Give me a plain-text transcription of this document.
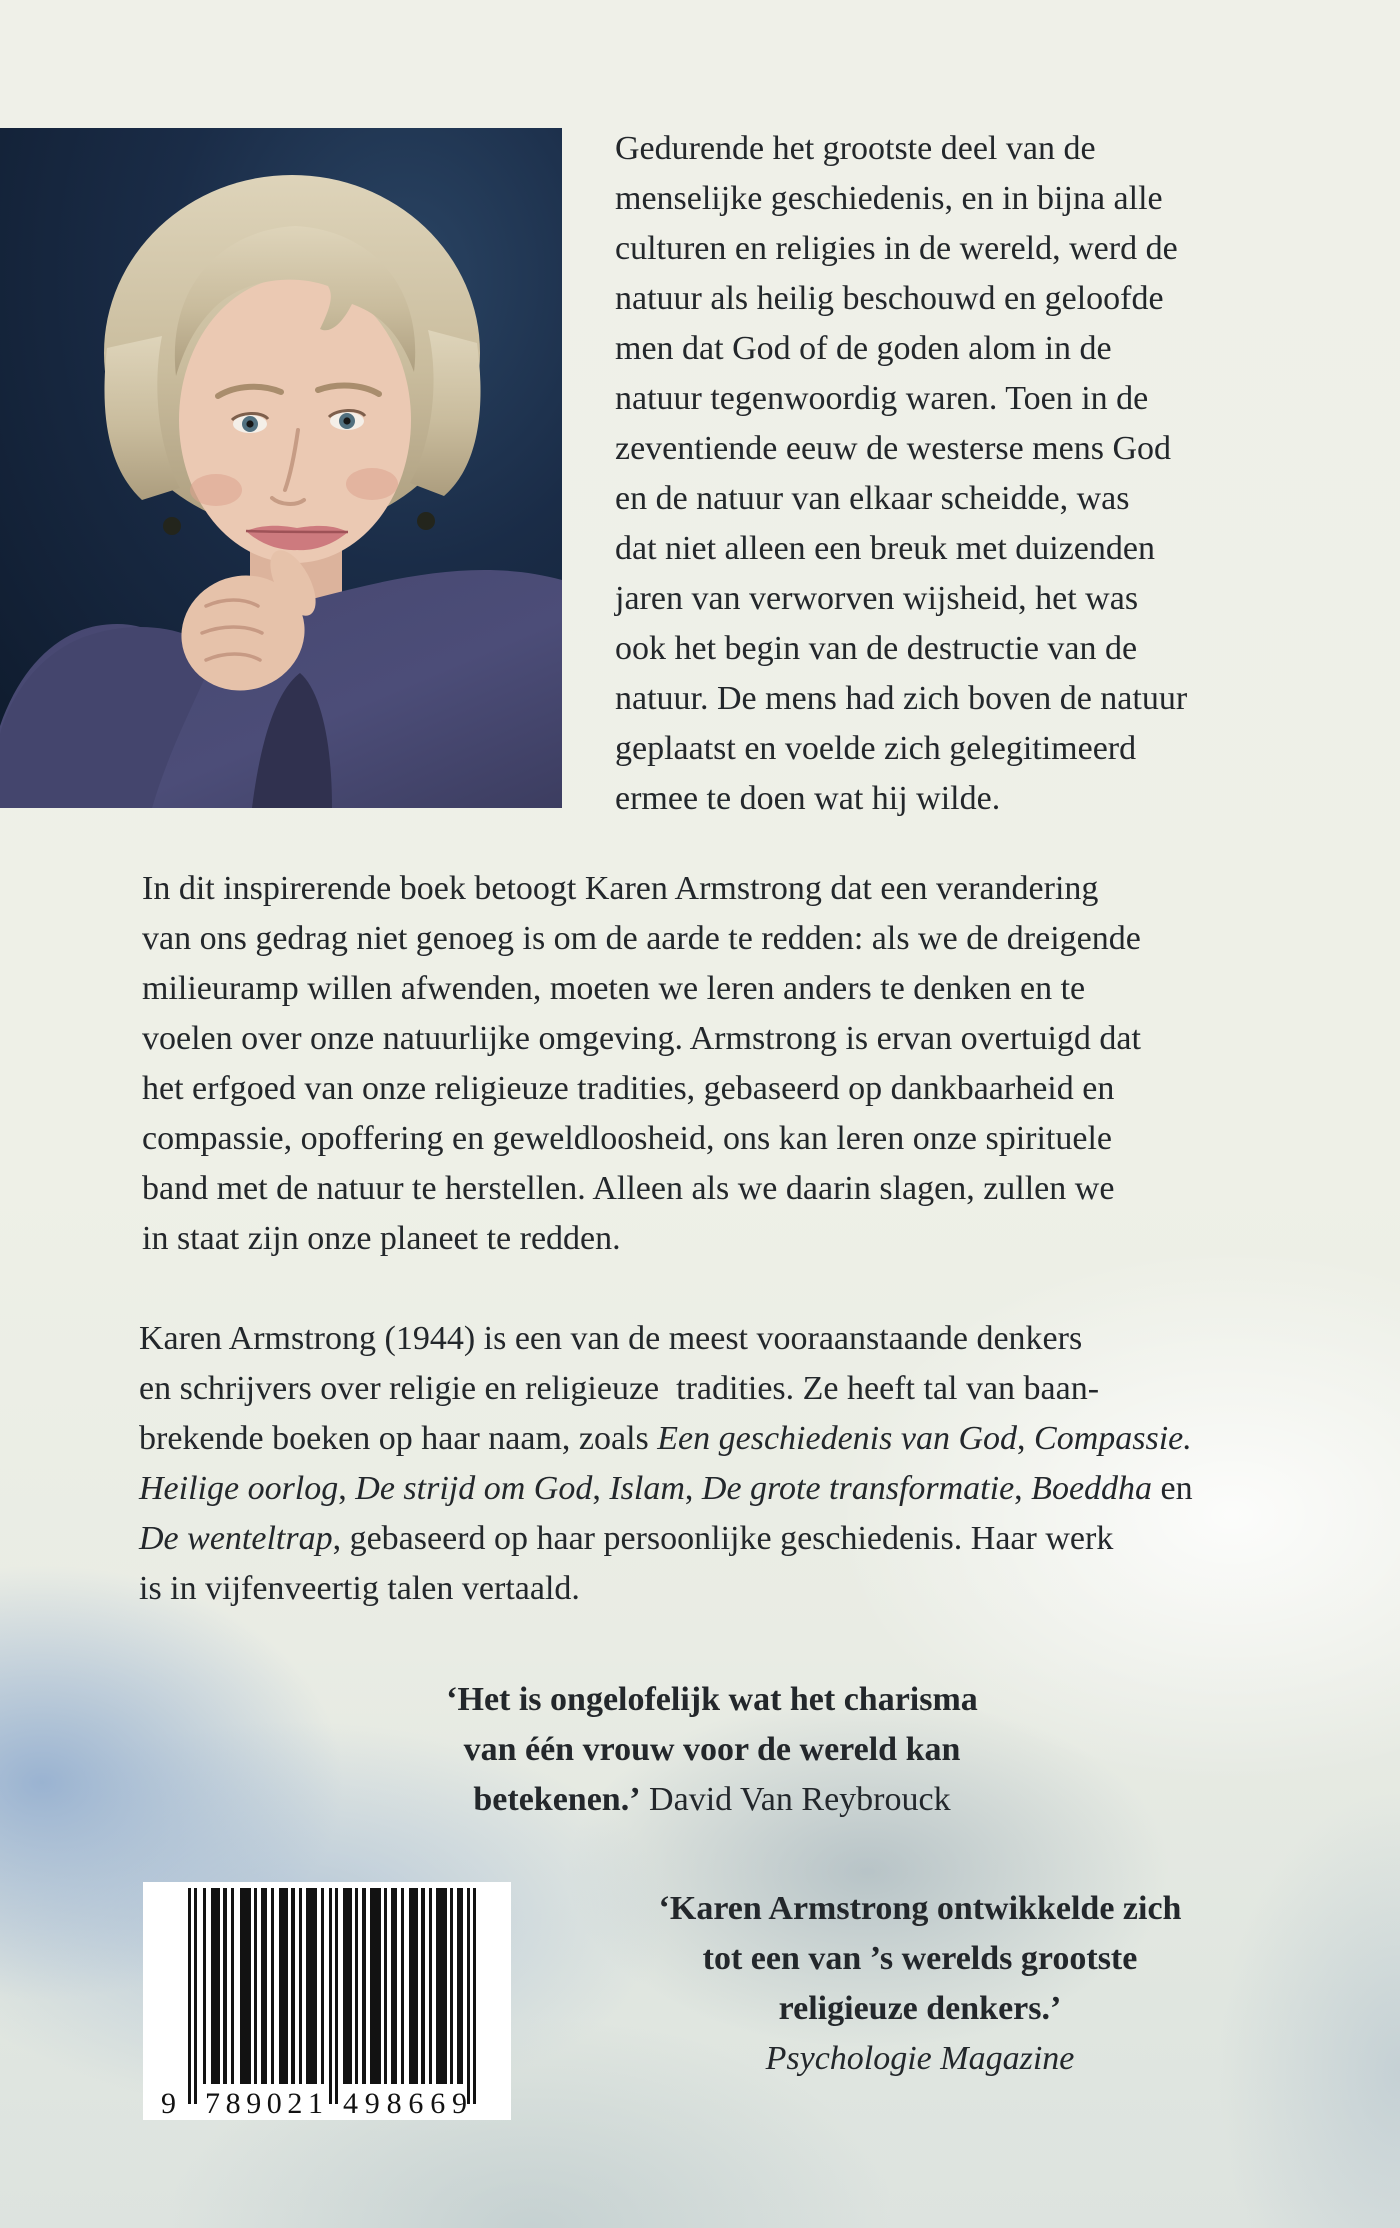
Gedurende het grootste deel van de
menselijke geschiedenis, en in bijna alle
culturen en religies in de wereld, werd de
natuur als heilig beschouwd en geloofde
men dat God of de goden alom in de
natuur tegenwoordig waren. Toen in de
zeventiende eeuw de westerse mens God
en de natuur van elkaar scheidde, was
dat niet alleen een breuk met duizenden
jaren van verworven wijsheid, het was
ook het begin van de destructie van de
natuur. De mens had zich boven de natuur
geplaatst en voelde zich gelegitimeerd
ermee te doen wat hij wilde.
In dit inspirerende boek betoogt Karen Armstrong dat een verandering
van ons gedrag niet genoeg is om de aarde te redden: als we de dreigende
milieuramp willen afwenden, moeten we leren anders te denken en te
voelen over onze natuurlijke omgeving. Armstrong is ervan overtuigd dat
het erfgoed van onze religieuze tradities, gebaseerd op dankbaarheid en
compassie, opoffering en geweldloosheid, ons kan leren onze spirituele
band met de natuur te herstellen. Alleen als we daarin slagen, zullen we
in staat zijn onze planeet te redden.
Karen Armstrong (1944) is een van de meest vooraanstaande denkers
en schrijvers over religie en religieuze  tradities. Ze heeft tal van baan-
brekende boeken op haar naam, zoals Een geschiedenis van God, Compassie.
Heilige oorlog, De strijd om God, Islam, De grote transformatie, Boeddha en
De wenteltrap, gebaseerd op haar persoonlijke geschiedenis. Haar werk
is in vijfenveertig talen vertaald.
‘Het is ongelofelijk wat het charisma
van één vrouw voor de wereld kan
betekenen.’ David Van Reybrouck
‘Karen Armstrong ontwikkelde zich
tot een van ’s werelds grootste
religieuze denkers.’
Psychologie Magazine
9 789021 498669
